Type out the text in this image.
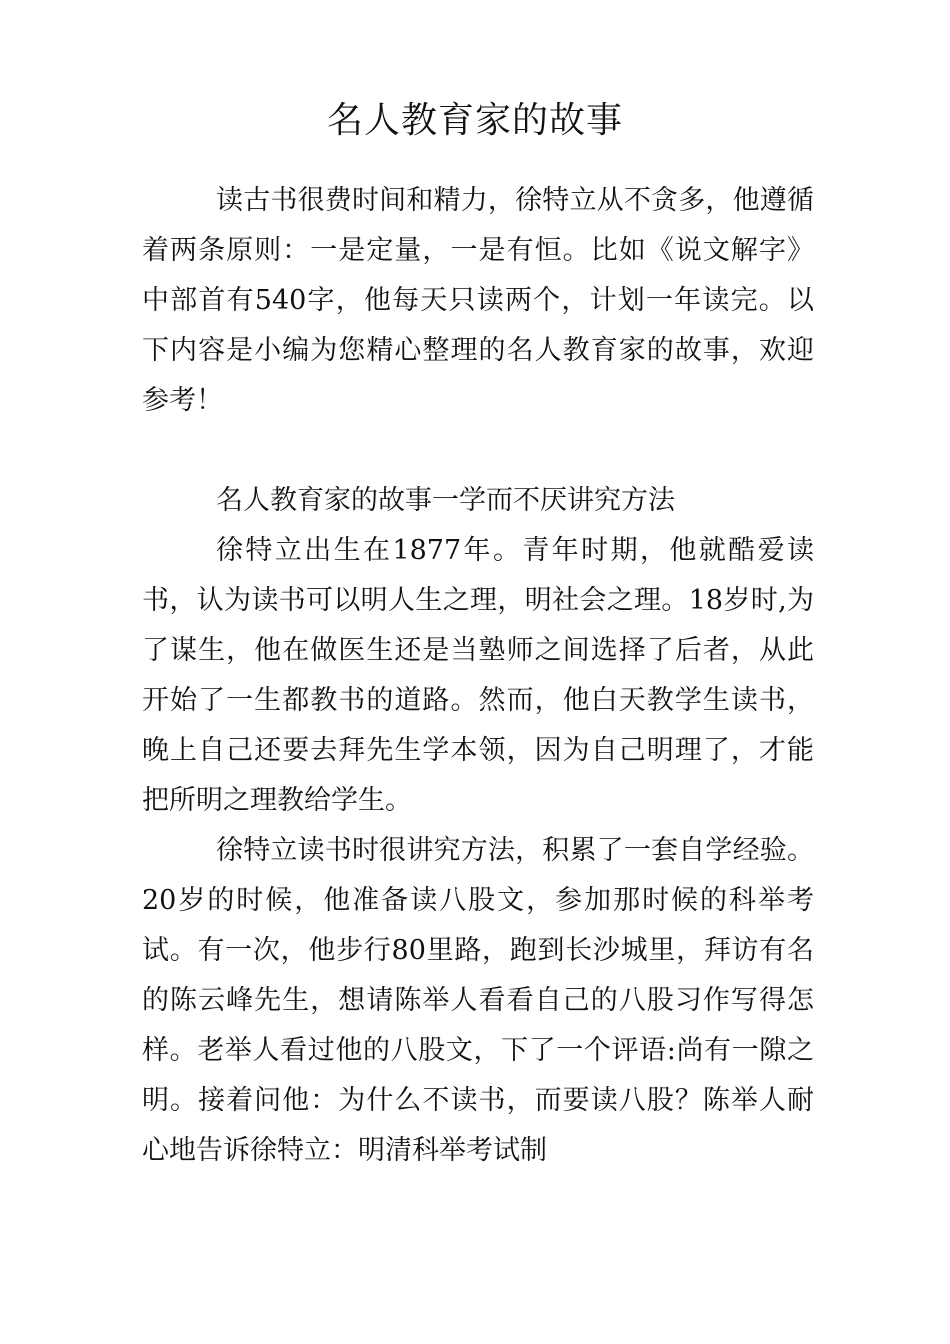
名人教育家的故事

读古书很费时间和精力，徐特立从不贪多，他遵循着两条原则：一是定量，一是有恒。比如《说文解字》中部首有540字，他每天只读两个，计划一年读完。以下内容是小编为您精心整理的名人教育家的故事，欢迎参考！

名人教育家的故事一学而不厌讲究方法

徐特立出生在1877年。青年时期，他就酷爱读书，认为读书可以明人生之理，明社会之理。18岁时,为了谋生，他在做医生还是当塾师之间选择了后者，从此开始了一生都教书的道路。然而，他白天教学生读书，晚上自己还要去拜先生学本领，因为自己明理了，才能把所明之理教给学生。

徐特立读书时很讲究方法，积累了一套自学经验。20岁的时候，他准备读八股文，参加那时候的科举考试。有一次，他步行80里路，跑到长沙城里，拜访有名的陈云峰先生，想请陈举人看看自己的八股习作写得怎样。老举人看过他的八股文，下了一个评语:尚有一隙之明。接着问他：为什么不读书，而要读八股？陈举人耐心地告诉徐特立：明清科举考试制
